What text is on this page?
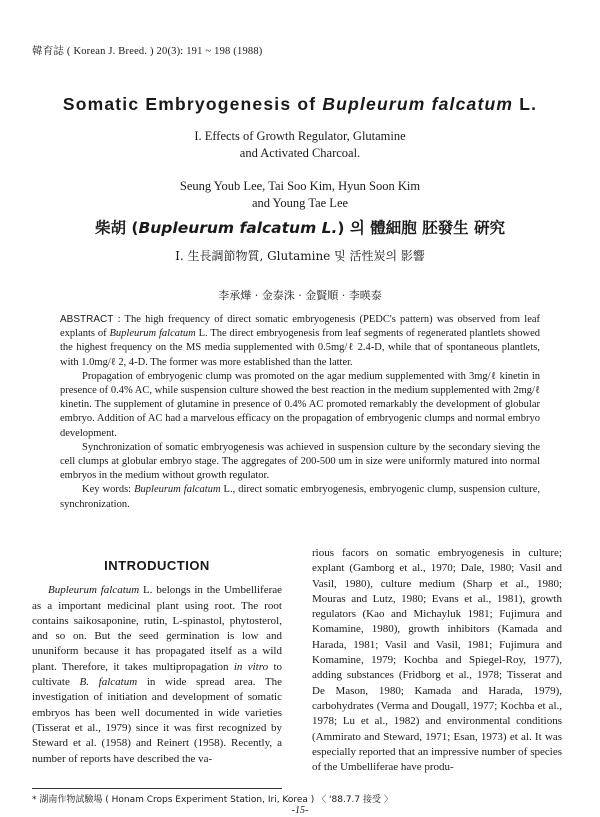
韓育誌 ( Korean J. Breed. ) 20(3): 191 ~ 198 (1988)
Somatic Embryogenesis of Bupleurum falcatum L.
I. Effects of Growth Regulator, Glutamine
and Activated Charcoal.
Seung Youb Lee, Tai Soo Kim, Hyun Soon Kim
and Young Tae Lee
柴胡 (Bupleurum falcatum L.) 의 體細胞 胚發生 硏究
I. 生長調節物質, Glutamine 및 活性炭의 影響
李承燁 · 金泰洙 · 金賢順 · 李暎泰

ABSTRACT : The high frequency of direct somatic embryogenesis (PEDC's pattern) was observed from leaf explants of Bupleurum falcatum L. The direct embryogenesis from leaf segments of regenerated plantlets showed the highest frequency on the MS media supplemented with 0.5mg/ℓ 2.4-D, while that of spontaneous plantlets, with 1.0mg/ℓ 2, 4-D. The former was more established than the latter.

Propagation of embryogenic clump was promoted on the agar medium supplemented with 3mg/ℓ kinetin in presence of 0.4% AC, while suspension culture showed the best reaction in the medium supplemented with 2mg/ℓ kinetin. The supplement of glutamine in presence of 0.4% AC promoted remarkably the development of globular embryo. Addition of AC had a marvelous efficacy on the propagation of embryogenic clumps and normal embryo development.

Synchronization of somatic embryogenesis was achieved in suspension culture by the secondary sieving the cell clumps at globular embryo stage. The aggregates of 200-500 um in size were uniformly matured into normal embryos in the medium without growth regulator.

Key words: Bupleurum falcatum L., direct somatic embryogenesis, embryogenic clump, suspension culture, synchronization.

INTRODUCTION

Bupleurum falcatum L. belongs in the Umbelliferae as a important medicinal plant using root. The root contains saikosaponine, rutin, L-spinastol, phytosterol, and so on. But the seed germination is low and ununiform because it has propagated itself as a wild plant. Therefore, it takes multipropagation in vitro to cultivate B. falcatum in wide spread area. The investigation of initiation and development of somatic embryos has been well documented in wide varieties (Tisserat et al., 1979) since it was first recognized by Steward et al. (1958) and Reinert (1958). Recently, a number of reports have described the va-

rious facors on somatic embryogenesis in culture; explant (Gamborg et al., 1970; Dale, 1980; Vasil and Vasil, 1980), culture medium (Sharp et al., 1980; Mouras and Lutz, 1980; Evans et al., 1981), growth regulators (Kao and Michayluk 1981; Fujimura and Komamine, 1980), growth inhibitors (Kamada and Harada, 1981; Vasil and Vasil, 1981; Fujimura and Komamine, 1979; Kochba and Spiegel-Roy, 1977), adding substances (Fridborg et al., 1978; Tisserat and De Mason, 1980; Kamada and Harada, 1979), carbohydrates (Verma and Dougall, 1977; Kochba et al., 1978; Lu et al., 1982) and environmental conditions (Ammirato and Steward, 1971; Esan, 1973) et al. It was especially reported that an impressive number of species of the Umbelliferae have produ-

* 湖南作物試驗場 ( Honam Crops Experiment Station, Iri, Korea ) 〈 '88.7.7 接受 〉
-15-
